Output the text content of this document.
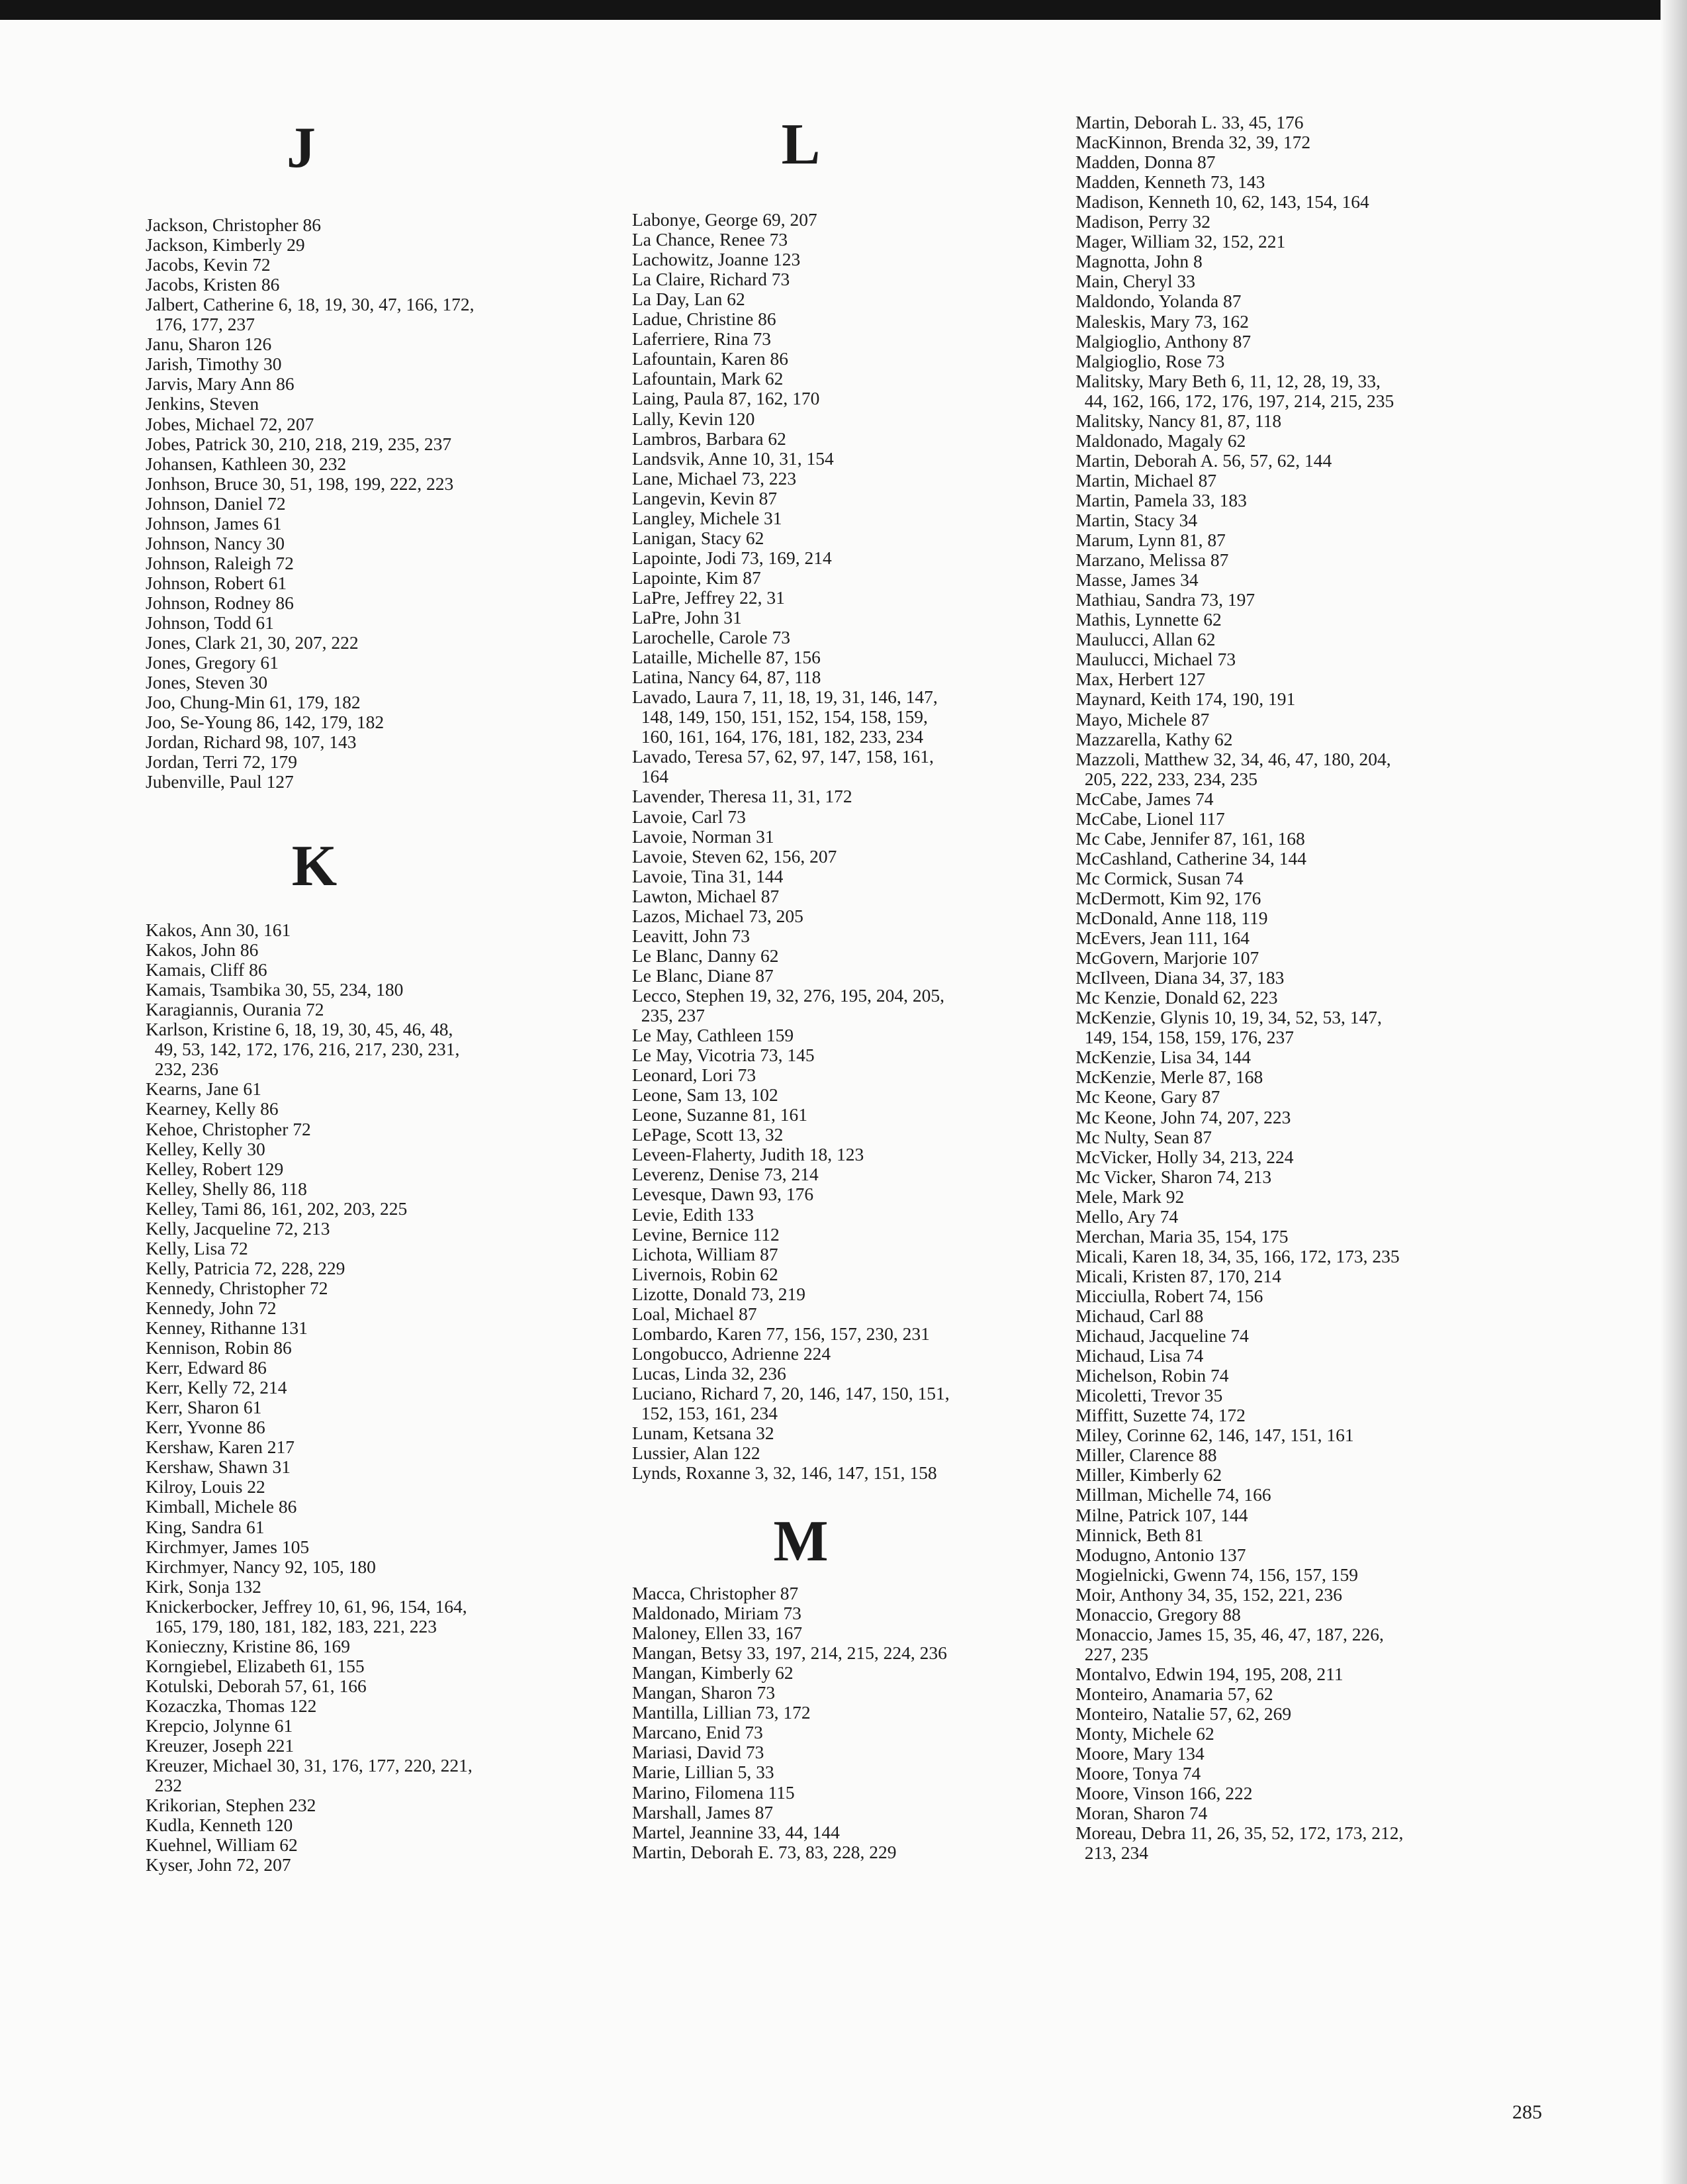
J
Jackson, Christopher 86
Jackson, Kimberly 29
Jacobs, Kevin 72
Jacobs, Kristen 86
Jalbert, Catherine 6, 18, 19, 30, 47, 166, 172,
176, 177, 237
Janu, Sharon 126
Jarish, Timothy 30
Jarvis, Mary Ann 86
Jenkins, Steven
Jobes, Michael 72, 207
Jobes, Patrick 30, 210, 218, 219, 235, 237
Johansen, Kathleen 30, 232
Jonhson, Bruce 30, 51, 198, 199, 222, 223
Johnson, Daniel 72
Johnson, James 61
Johnson, Nancy 30
Johnson, Raleigh 72
Johnson, Robert 61
Johnson, Rodney 86
Johnson, Todd 61
Jones, Clark 21, 30, 207, 222
Jones, Gregory 61
Jones, Steven 30
Joo, Chung-Min 61, 179, 182
Joo, Se-Young 86, 142, 179, 182
Jordan, Richard 98, 107, 143
Jordan, Terri 72, 179
Jubenville, Paul 127
K
Kakos, Ann 30, 161
Kakos, John 86
Kamais, Cliff 86
Kamais, Tsambika 30, 55, 234, 180
Karagiannis, Ourania 72
Karlson, Kristine 6, 18, 19, 30, 45, 46, 48,
49, 53, 142, 172, 176, 216, 217, 230, 231,
232, 236
Kearns, Jane 61
Kearney, Kelly 86
Kehoe, Christopher 72
Kelley, Kelly 30
Kelley, Robert 129
Kelley, Shelly 86, 118
Kelley, Tami 86, 161, 202, 203, 225
Kelly, Jacqueline 72, 213
Kelly, Lisa 72
Kelly, Patricia 72, 228, 229
Kennedy, Christopher 72
Kennedy, John 72
Kenney, Rithanne 131
Kennison, Robin 86
Kerr, Edward 86
Kerr, Kelly 72, 214
Kerr, Sharon 61
Kerr, Yvonne 86
Kershaw, Karen 217
Kershaw, Shawn 31
Kilroy, Louis 22
Kimball, Michele 86
King, Sandra 61
Kirchmyer, James 105
Kirchmyer, Nancy 92, 105, 180
Kirk, Sonja 132
Knickerbocker, Jeffrey 10, 61, 96, 154, 164,
165, 179, 180, 181, 182, 183, 221, 223
Konieczny, Kristine 86, 169
Korngiebel, Elizabeth 61, 155
Kotulski, Deborah 57, 61, 166
Kozaczka, Thomas 122
Krepcio, Jolynne 61
Kreuzer, Joseph 221
Kreuzer, Michael 30, 31, 176, 177, 220, 221,
232
Krikorian, Stephen 232
Kudla, Kenneth 120
Kuehnel, William 62
Kyser, John 72, 207
L
Labonye, George 69, 207
La Chance, Renee 73
Lachowitz, Joanne 123
La Claire, Richard 73
La Day, Lan 62
Ladue, Christine 86
Laferriere, Rina 73
Lafountain, Karen 86
Lafountain, Mark 62
Laing, Paula 87, 162, 170
Lally, Kevin 120
Lambros, Barbara 62
Landsvik, Anne 10, 31, 154
Lane, Michael 73, 223
Langevin, Kevin 87
Langley, Michele 31
Lanigan, Stacy 62
Lapointe, Jodi 73, 169, 214
Lapointe, Kim 87
LaPre, Jeffrey 22, 31
LaPre, John 31
Larochelle, Carole 73
Lataille, Michelle 87, 156
Latina, Nancy 64, 87, 118
Lavado, Laura 7, 11, 18, 19, 31, 146, 147,
148, 149, 150, 151, 152, 154, 158, 159,
160, 161, 164, 176, 181, 182, 233, 234
Lavado, Teresa 57, 62, 97, 147, 158, 161,
164
Lavender, Theresa 11, 31, 172
Lavoie, Carl 73
Lavoie, Norman 31
Lavoie, Steven 62, 156, 207
Lavoie, Tina 31, 144
Lawton, Michael 87
Lazos, Michael 73, 205
Leavitt, John 73
Le Blanc, Danny 62
Le Blanc, Diane 87
Lecco, Stephen 19, 32, 276, 195, 204, 205,
235, 237
Le May, Cathleen 159
Le May, Vicotria 73, 145
Leonard, Lori 73
Leone, Sam 13, 102
Leone, Suzanne 81, 161
LePage, Scott 13, 32
Leveen-Flaherty, Judith 18, 123
Leverenz, Denise 73, 214
Levesque, Dawn 93, 176
Levie, Edith 133
Levine, Bernice 112
Lichota, William 87
Livernois, Robin 62
Lizotte, Donald 73, 219
Loal, Michael 87
Lombardo, Karen 77, 156, 157, 230, 231
Longobucco, Adrienne 224
Lucas, Linda 32, 236
Luciano, Richard 7, 20, 146, 147, 150, 151,
152, 153, 161, 234
Lunam, Ketsana 32
Lussier, Alan 122
Lynds, Roxanne 3, 32, 146, 147, 151, 158
M
Macca, Christopher 87
Maldonado, Miriam 73
Maloney, Ellen 33, 167
Mangan, Betsy 33, 197, 214, 215, 224, 236
Mangan, Kimberly 62
Mangan, Sharon 73
Mantilla, Lillian 73, 172
Marcano, Enid 73
Mariasi, David 73
Marie, Lillian 5, 33
Marino, Filomena 115
Marshall, James 87
Martel, Jeannine 33, 44, 144
Martin, Deborah E. 73, 83, 228, 229
Martin, Deborah L. 33, 45, 176
MacKinnon, Brenda 32, 39, 172
Madden, Donna 87
Madden, Kenneth 73, 143
Madison, Kenneth 10, 62, 143, 154, 164
Madison, Perry 32
Mager, William 32, 152, 221
Magnotta, John 8
Main, Cheryl 33
Maldondo, Yolanda 87
Maleskis, Mary 73, 162
Malgioglio, Anthony 87
Malgioglio, Rose 73
Malitsky, Mary Beth 6, 11, 12, 28, 19, 33,
44, 162, 166, 172, 176, 197, 214, 215, 235
Malitsky, Nancy 81, 87, 118
Maldonado, Magaly 62
Martin, Deborah A. 56, 57, 62, 144
Martin, Michael 87
Martin, Pamela 33, 183
Martin, Stacy 34
Marum, Lynn 81, 87
Marzano, Melissa 87
Masse, James 34
Mathiau, Sandra 73, 197
Mathis, Lynnette 62
Maulucci, Allan 62
Maulucci, Michael 73
Max, Herbert 127
Maynard, Keith 174, 190, 191
Mayo, Michele 87
Mazzarella, Kathy 62
Mazzoli, Matthew 32, 34, 46, 47, 180, 204,
205, 222, 233, 234, 235
McCabe, James 74
McCabe, Lionel 117
Mc Cabe, Jennifer 87, 161, 168
McCashland, Catherine 34, 144
Mc Cormick, Susan 74
McDermott, Kim 92, 176
McDonald, Anne 118, 119
McEvers, Jean 111, 164
McGovern, Marjorie 107
McIlveen, Diana 34, 37, 183
Mc Kenzie, Donald 62, 223
McKenzie, Glynis 10, 19, 34, 52, 53, 147,
149, 154, 158, 159, 176, 237
McKenzie, Lisa 34, 144
McKenzie, Merle 87, 168
Mc Keone, Gary 87
Mc Keone, John 74, 207, 223
Mc Nulty, Sean 87
McVicker, Holly 34, 213, 224
Mc Vicker, Sharon 74, 213
Mele, Mark 92
Mello, Ary 74
Merchan, Maria 35, 154, 175
Micali, Karen 18, 34, 35, 166, 172, 173, 235
Micali, Kristen 87, 170, 214
Micciulla, Robert 74, 156
Michaud, Carl 88
Michaud, Jacqueline 74
Michaud, Lisa 74
Michelson, Robin 74
Micoletti, Trevor 35
Miffitt, Suzette 74, 172
Miley, Corinne 62, 146, 147, 151, 161
Miller, Clarence 88
Miller, Kimberly 62
Millman, Michelle 74, 166
Milne, Patrick 107, 144
Minnick, Beth 81
Modugno, Antonio 137
Mogielnicki, Gwenn 74, 156, 157, 159
Moir, Anthony 34, 35, 152, 221, 236
Monaccio, Gregory 88
Monaccio, James 15, 35, 46, 47, 187, 226,
227, 235
Montalvo, Edwin 194, 195, 208, 211
Monteiro, Anamaria 57, 62
Monteiro, Natalie 57, 62, 269
Monty, Michele 62
Moore, Mary 134
Moore, Tonya 74
Moore, Vinson 166, 222
Moran, Sharon 74
Moreau, Debra 11, 26, 35, 52, 172, 173, 212,
213, 234
285
